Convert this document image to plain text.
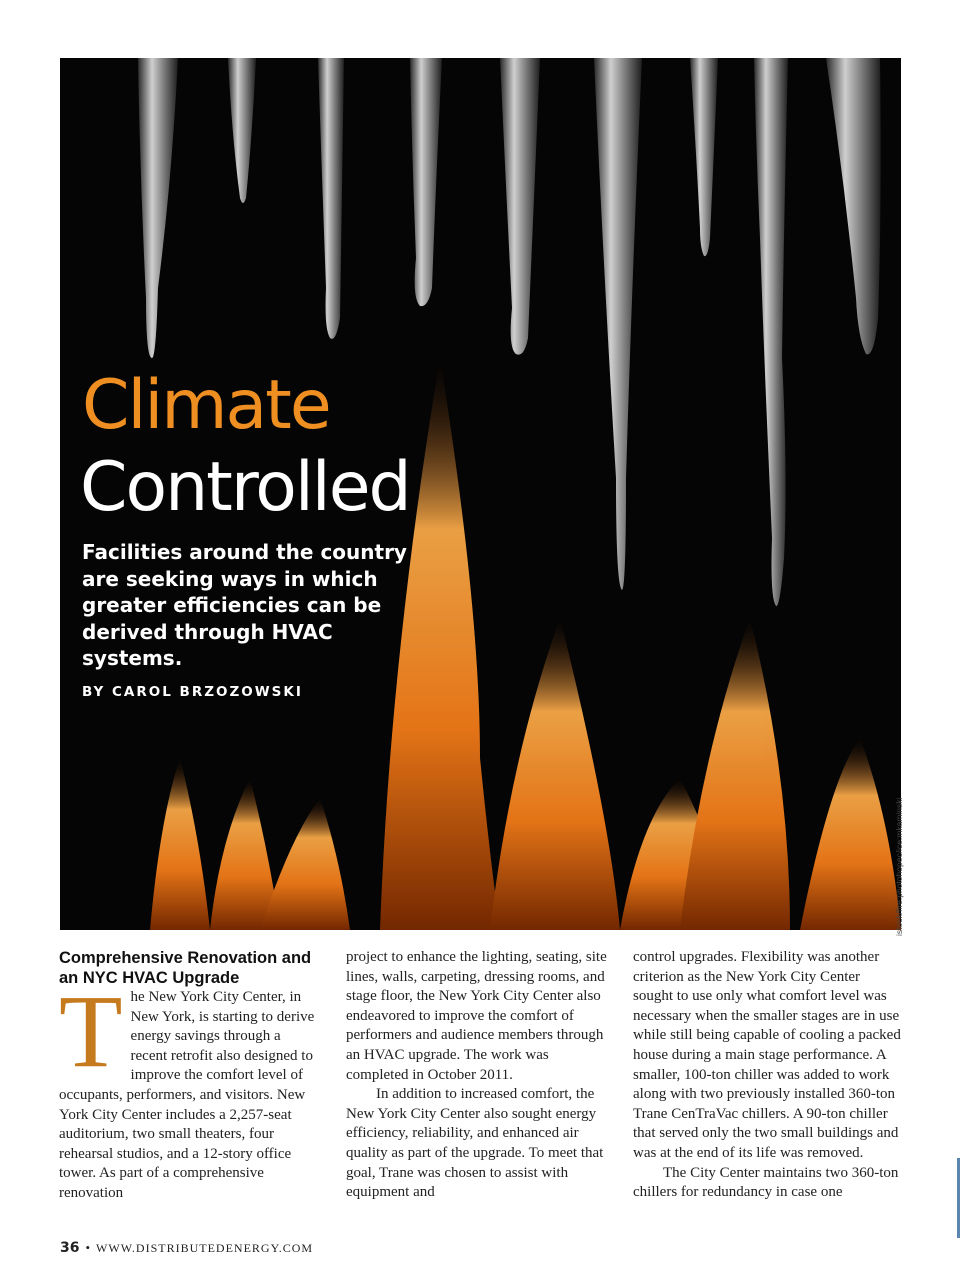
Climate
Controlled

Facilities around the country are seeking ways in which greater efficiencies can be derived through HVAC systems.

BY CAROL BRZOZOWSKI
istock/fire:photohopec/ice:mkaminski

Comprehensive Renovation and an NYC HVAC Upgrade

The New York City Center, in New York, is starting to derive energy savings through a recent retrofit also designed to improve the comfort level of occupants, performers, and visitors. New York City Center includes a 2,257-seat auditorium, two small theaters, four rehearsal studios, and a 12-story office tower. As part of a comprehensive renovation

project to enhance the lighting, seating, site lines, walls, carpeting, dressing rooms, and stage floor, the New York City Center also endeavored to improve the comfort of performers and audience members through an HVAC upgrade. The work was completed in October 2011.

In addition to increased comfort, the New York City Center also sought energy efficiency, reliability, and enhanced air quality as part of the upgrade. To meet that goal, Trane was chosen to assist with equipment and

control upgrades. Flexibility was another criterion as the New York City Center sought to use only what comfort level was necessary when the smaller stages are in use while still being capable of cooling a packed house during a main stage performance. A smaller, 100-ton chiller was added to work along with two previously installed 360-ton Trane CenTraVac chillers. A 90-ton chiller that served only the two small buildings and was at the end of its life was removed.

The City Center maintains two 360-ton chillers for redundancy in case one

36 • WWW.DISTRIBUTEDENERGY.COM
